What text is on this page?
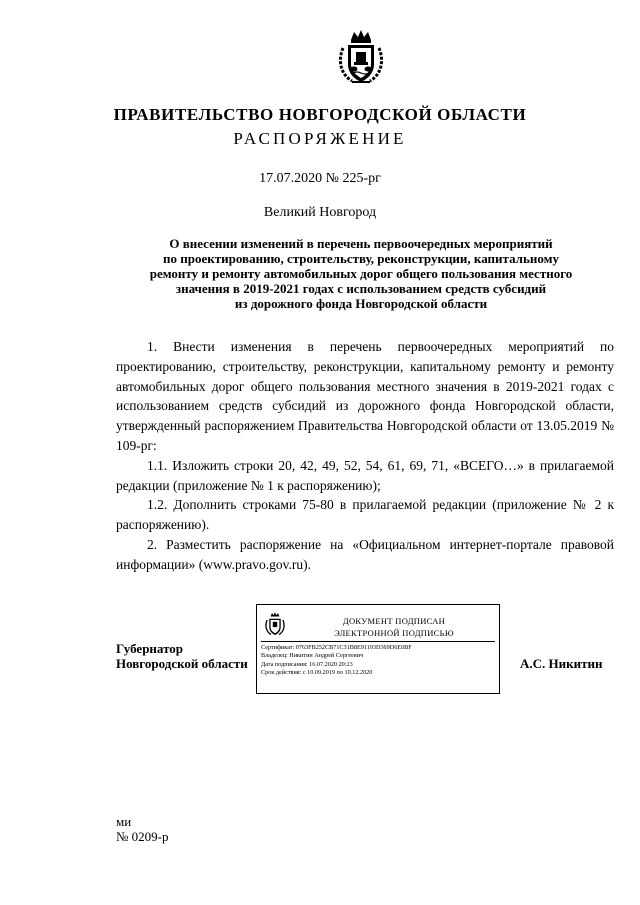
ПРАВИТЕЛЬСТВО НОВГОРОДСКОЙ ОБЛАСТИ
РАСПОРЯЖЕНИЕ
17.07.2020 № 225-рг
Великий Новгород
О внесении изменений в перечень первоочередных мероприятий
по проектированию, строительству, реконструкции, капитальному
ремонту и ремонту автомобильных дорог общего пользования местного
значения в 2019-2021 годах с использованием средств субсидий
из дорожного фонда Новгородской области

1. Внести изменения в перечень первоочередных мероприятий по проектированию, строительству, реконструкции, капитальному ремонту и ремонту автомобильных дорог общего пользования местного значения в 2019-2021 годах с использованием средств субсидий из дорожного фонда Новгородской области, утвержденный распоряжением Правительства Новгородской области от 13.05.2019 № 109-рг:

1.1. Изложить строки 20, 42, 49, 52, 54, 61, 69, 71, «ВСЕГО…» в прилагаемой редакции (приложение № 1 к распоряжению);

1.2. Дополнить строками 75-80 в прилагаемой редакции (приложение № 2 к распоряжению).

2. Разместить распоряжение на «Официальном интернет-портале правовой информации» (www.pravo.gov.ru).

Губернатор
Новгородской области
ДОКУМЕНТ ПОДПИСАН
ЭЛЕКТРОННОЙ ПОДПИСЬЮ
Сертификат: 0763FB252CB71C31B8E91193D369D6E0BF
Владелец: Никитин Андрей Сергеевич
Дата подписания: 16.07.2020 20:23
Срок действия: с 10.09.2019 по 10.12.2020
А.С. Никитин
ми
№ 0209-р
